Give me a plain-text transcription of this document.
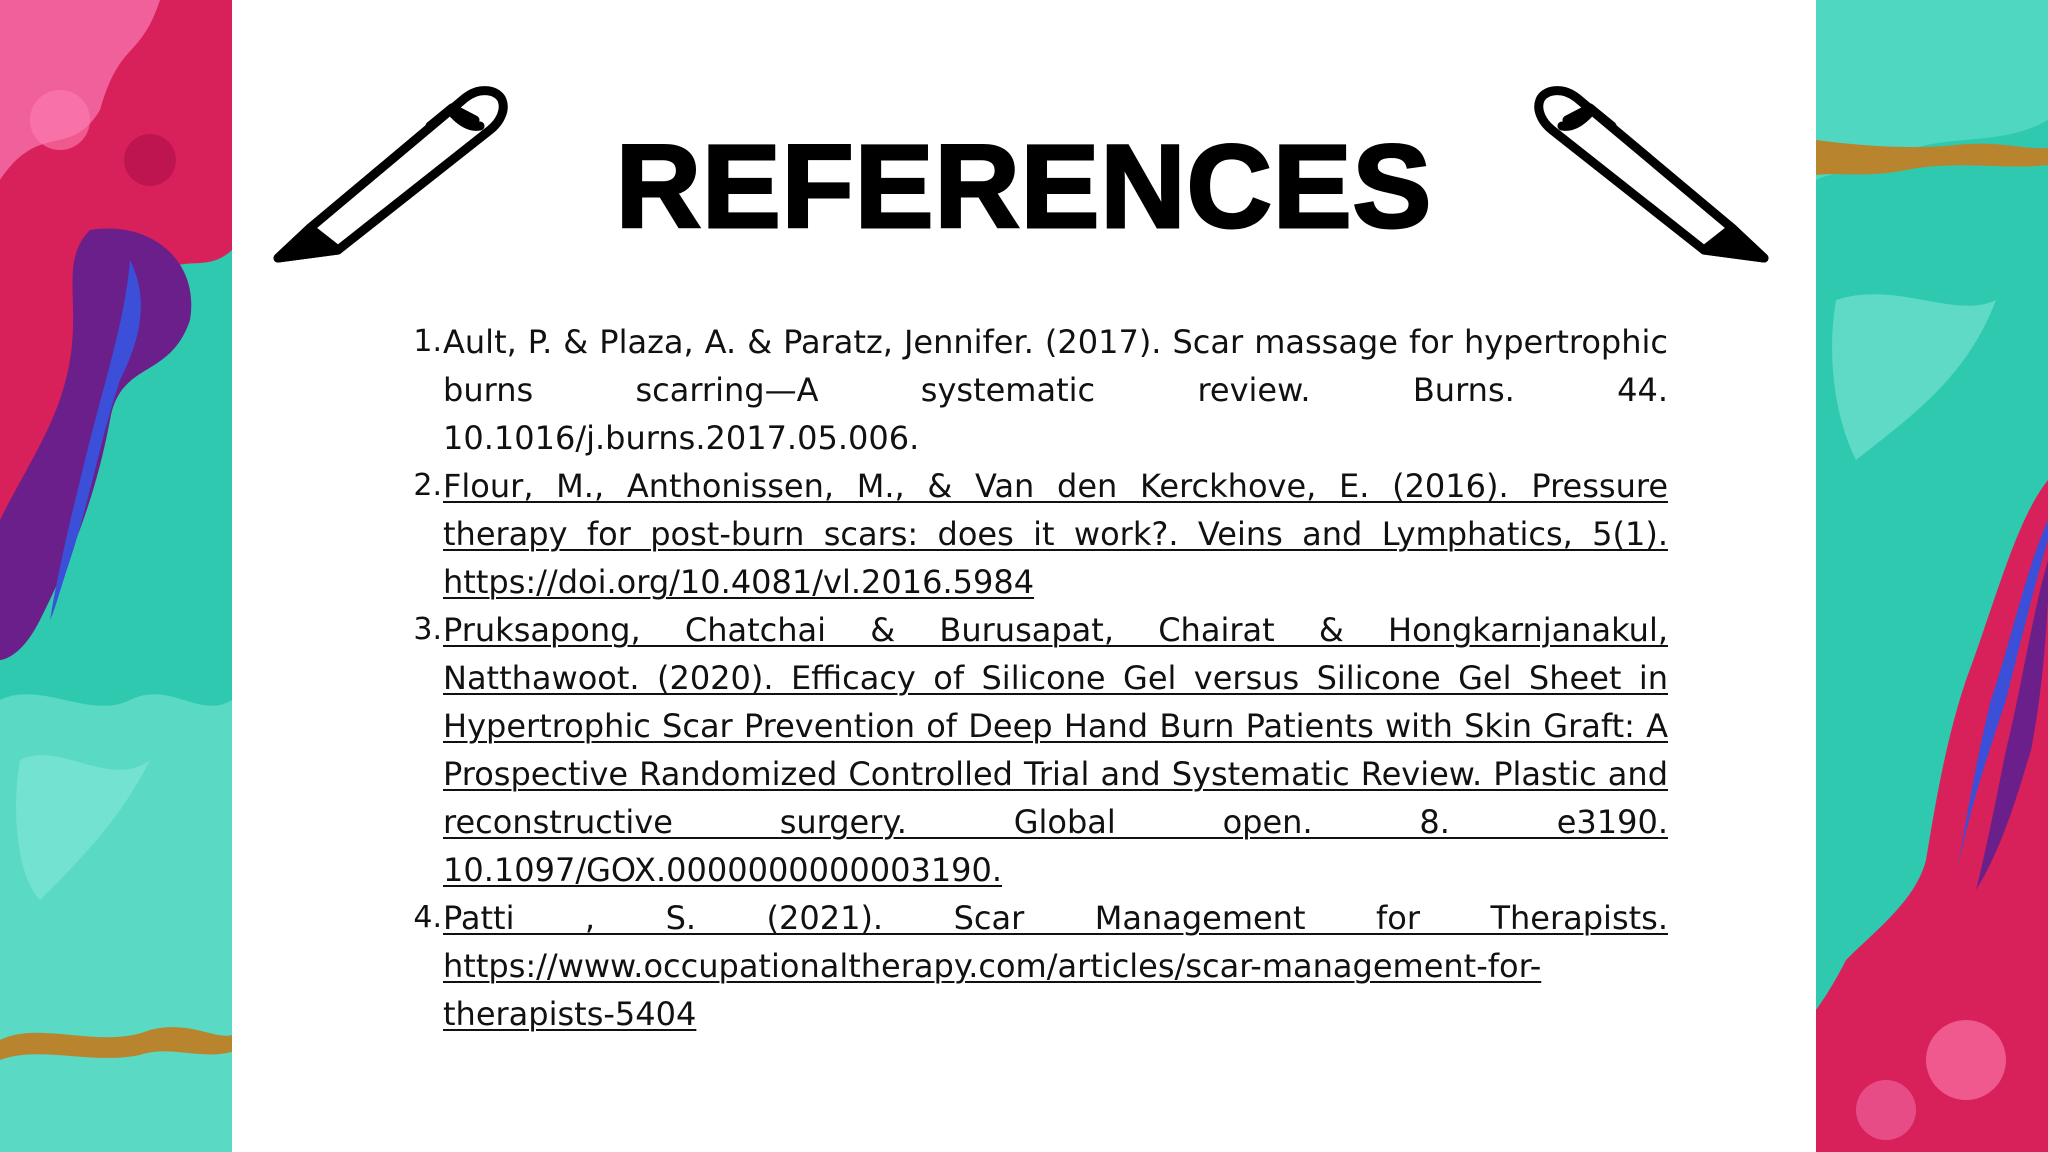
REFERENCES
1. Ault, P. & Plaza, A. & Paratz, Jennifer. (2017). Scar massage for hypertrophic burns scarring—A systematic review. Burns. 44. 10.1016/j.burns.2017.05.006.
2. Flour, M., Anthonissen, M., & Van den Kerckhove, E. (2016). Pressure therapy for post-burn scars: does it work?. Veins and Lymphatics, 5(1). https://doi.org/10.4081/vl.2016.5984
3. Pruksapong, Chatchai & Burusapat, Chairat & Hongkarnjanakul, Natthawoot. (2020). Efficacy of Silicone Gel versus Silicone Gel Sheet in Hypertrophic Scar Prevention of Deep Hand Burn Patients with Skin Graft: A Prospective Randomized Controlled Trial and Systematic Review. Plastic and reconstructive surgery. Global open. 8. e3190. 10.1097/GOX.0000000000003190.
4. Patti , S. (2021). Scar Management for Therapists. https://www.occupationaltherapy.com/articles/scar-management-for-therapists-5404
